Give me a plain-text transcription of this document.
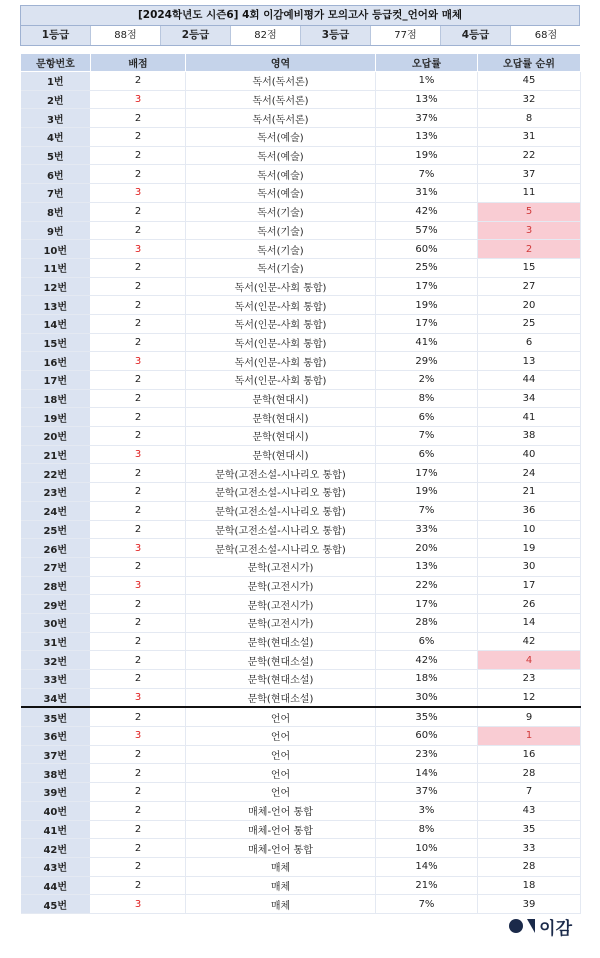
[2024학년도 시즌6] 4회 이감예비평가 모의고사 등급컷_언어와 매체
1등급	88점	2등급	82점	3등급	77점	4등급	68점
문항번호	배점	영역	오답률	오답률 순위
1번	2	독서(독서론)	1%	45
2번	3	독서(독서론)	13%	32
3번	2	독서(독서론)	37%	8
4번	2	독서(예술)	13%	31
5번	2	독서(예술)	19%	22
6번	2	독서(예술)	7%	37
7번	3	독서(예술)	31%	11
8번	2	독서(기술)	42%	5
9번	2	독서(기술)	57%	3
10번	3	독서(기술)	60%	2
11번	2	독서(기술)	25%	15
12번	2	독서(인문-사회 통합)	17%	27
13번	2	독서(인문-사회 통합)	19%	20
14번	2	독서(인문-사회 통합)	17%	25
15번	2	독서(인문-사회 통합)	41%	6
16번	3	독서(인문-사회 통합)	29%	13
17번	2	독서(인문-사회 통합)	2%	44
18번	2	문학(현대시)	8%	34
19번	2	문학(현대시)	6%	41
20번	2	문학(현대시)	7%	38
21번	3	문학(현대시)	6%	40
22번	2	문학(고전소설-시나리오 통합)	17%	24
23번	2	문학(고전소설-시나리오 통합)	19%	21
24번	2	문학(고전소설-시나리오 통합)	7%	36
25번	2	문학(고전소설-시나리오 통합)	33%	10
26번	3	문학(고전소설-시나리오 통합)	20%	19
27번	2	문학(고전시가)	13%	30
28번	3	문학(고전시가)	22%	17
29번	2	문학(고전시가)	17%	26
30번	2	문학(고전시가)	28%	14
31번	2	문학(현대소설)	6%	42
32번	2	문학(현대소설)	42%	4
33번	2	문학(현대소설)	18%	23
34번	3	문학(현대소설)	30%	12
35번	2	언어	35%	9
36번	3	언어	60%	1
37번	2	언어	23%	16
38번	2	언어	14%	28
39번	2	언어	37%	7
40번	2	매체-언어 통합	3%	43
41번	2	매체-언어 통합	8%	35
42번	2	매체-언어 통합	10%	33
43번	2	매체	14%	28
44번	2	매체	21%	18
45번	3	매체	7%	39
이감
